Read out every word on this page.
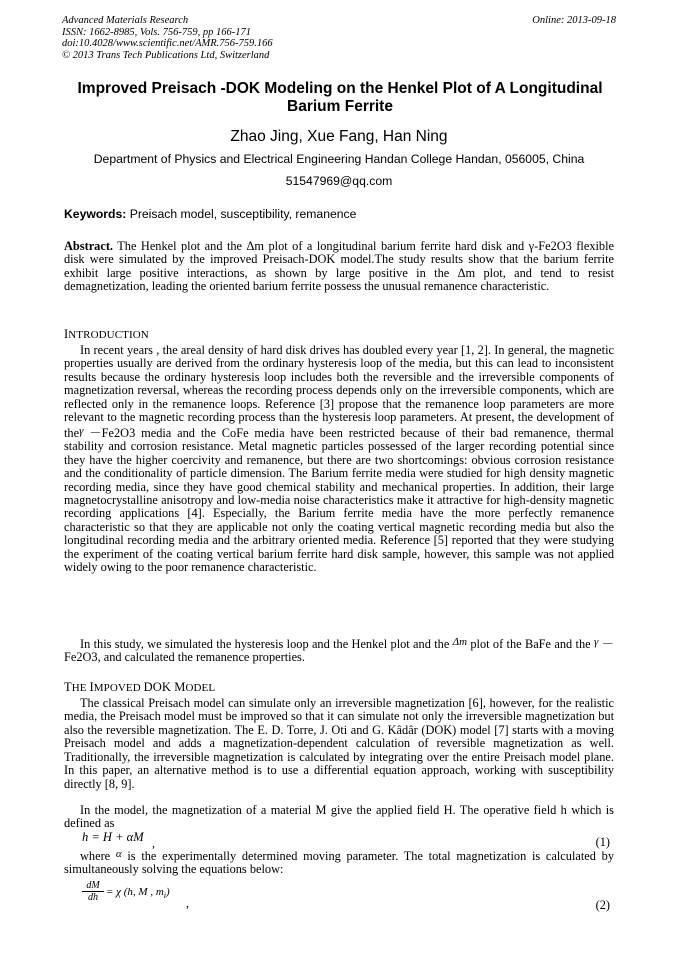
Advanced Materials Research
ISSN: 1662-8985, Vols. 756-759, pp 166-171
doi:10.4028/www.scientific.net/AMR.756-759.166
© 2013 Trans Tech Publications Ltd, Switzerland
Online: 2013-09-18
Improved Preisach -DOK Modeling on the Henkel Plot of A Longitudinal Barium Ferrite
Zhao Jing, Xue Fang, Han Ning
Department of Physics and Electrical Engineering Handan College Handan, 056005, China
51547969@qq.com
Keywords: Preisach model, susceptibility, remanence
Abstract. The Henkel plot and the Δm plot of a longitudinal barium ferrite hard disk and γ-Fe2O3 flexible disk were simulated by the improved Preisach-DOK model.The study results show that the barium ferrite exhibit large positive interactions, as shown by large positive in the Δm plot, and tend to resist demagnetization, leading the oriented barium ferrite possess the unusual remanence characteristic.
INTRODUCTION
In recent years , the areal density of hard disk drives has doubled every year [1, 2]. In general, the magnetic properties usually are derived from the ordinary hysteresis loop of the media, but this can lead to inconsistent results because the ordinary hysteresis loop includes both the reversible and the irreversible components of magnetization reversal, whereas the recording process depends only on the irreversible components, which are reflected only in the remanence loops. Reference [3] propose that the remanence loop parameters are more relevant to the magnetic recording process than the hysteresis loop parameters. At present, the development of theγ －Fe2O3 media and the CoFe media have been restricted because of their bad remanence, thermal stability and corrosion resistance. Metal magnetic particles possessed of the larger recording potential since they have the higher coercivity and remanence, but there are two shortcomings: obvious corrosion resistance and the conditionality of particle dimension. The Barium ferrite media were studied for high density magnetic recording media, since they have good chemical stability and mechanical properties. In addition, their large magnetocrystalline anisotropy and low-media noise characteristics make it attractive for high-density magnetic recording applications [4]. Especially, the Barium ferrite media have the more perfectly remanence characteristic so that they are applicable not only the coating vertical magnetic recording media but also the longitudinal recording media and the arbitrary oriented media. Reference [5] reported that they were studying the experiment of the coating vertical barium ferrite hard disk sample, however, this sample was not applied widely owing to the poor remanence characteristic.
In this study, we simulated the hysteresis loop and the Henkel plot and the Δm plot of the BaFe and the γ －Fe2O3, and calculated the remanence properties.
THE IMPOVED DOK MODEL
The classical Preisach model can simulate only an irreversible magnetization [6], however, for the realistic media, the Preisach model must be improved so that it can simulate not only the irreversible magnetization but also the reversible magnetization. The E. D. Torre, J. Oti and G. Kâdâr (DOK) model [7] starts with a moving Preisach model and adds a magnetization-dependent calculation of reversible magnetization as well. Traditionally, the irreversible magnetization is calculated by integrating over the entire Preisach model plane. In this paper, an alternative method is to use a differential equation approach, working with susceptibility directly [8, 9].
In the model, the magnetization of a material M give the applied field H. The operative field h which is defined as
h = H + αM ,	(1)
where α is the experimentally determined moving parameter. The total magnetization is calculated by simultaneously solving the equations below:
$\frac{dM}{dh} = \chi$ (h, M , $m_i$)
,	(2)
